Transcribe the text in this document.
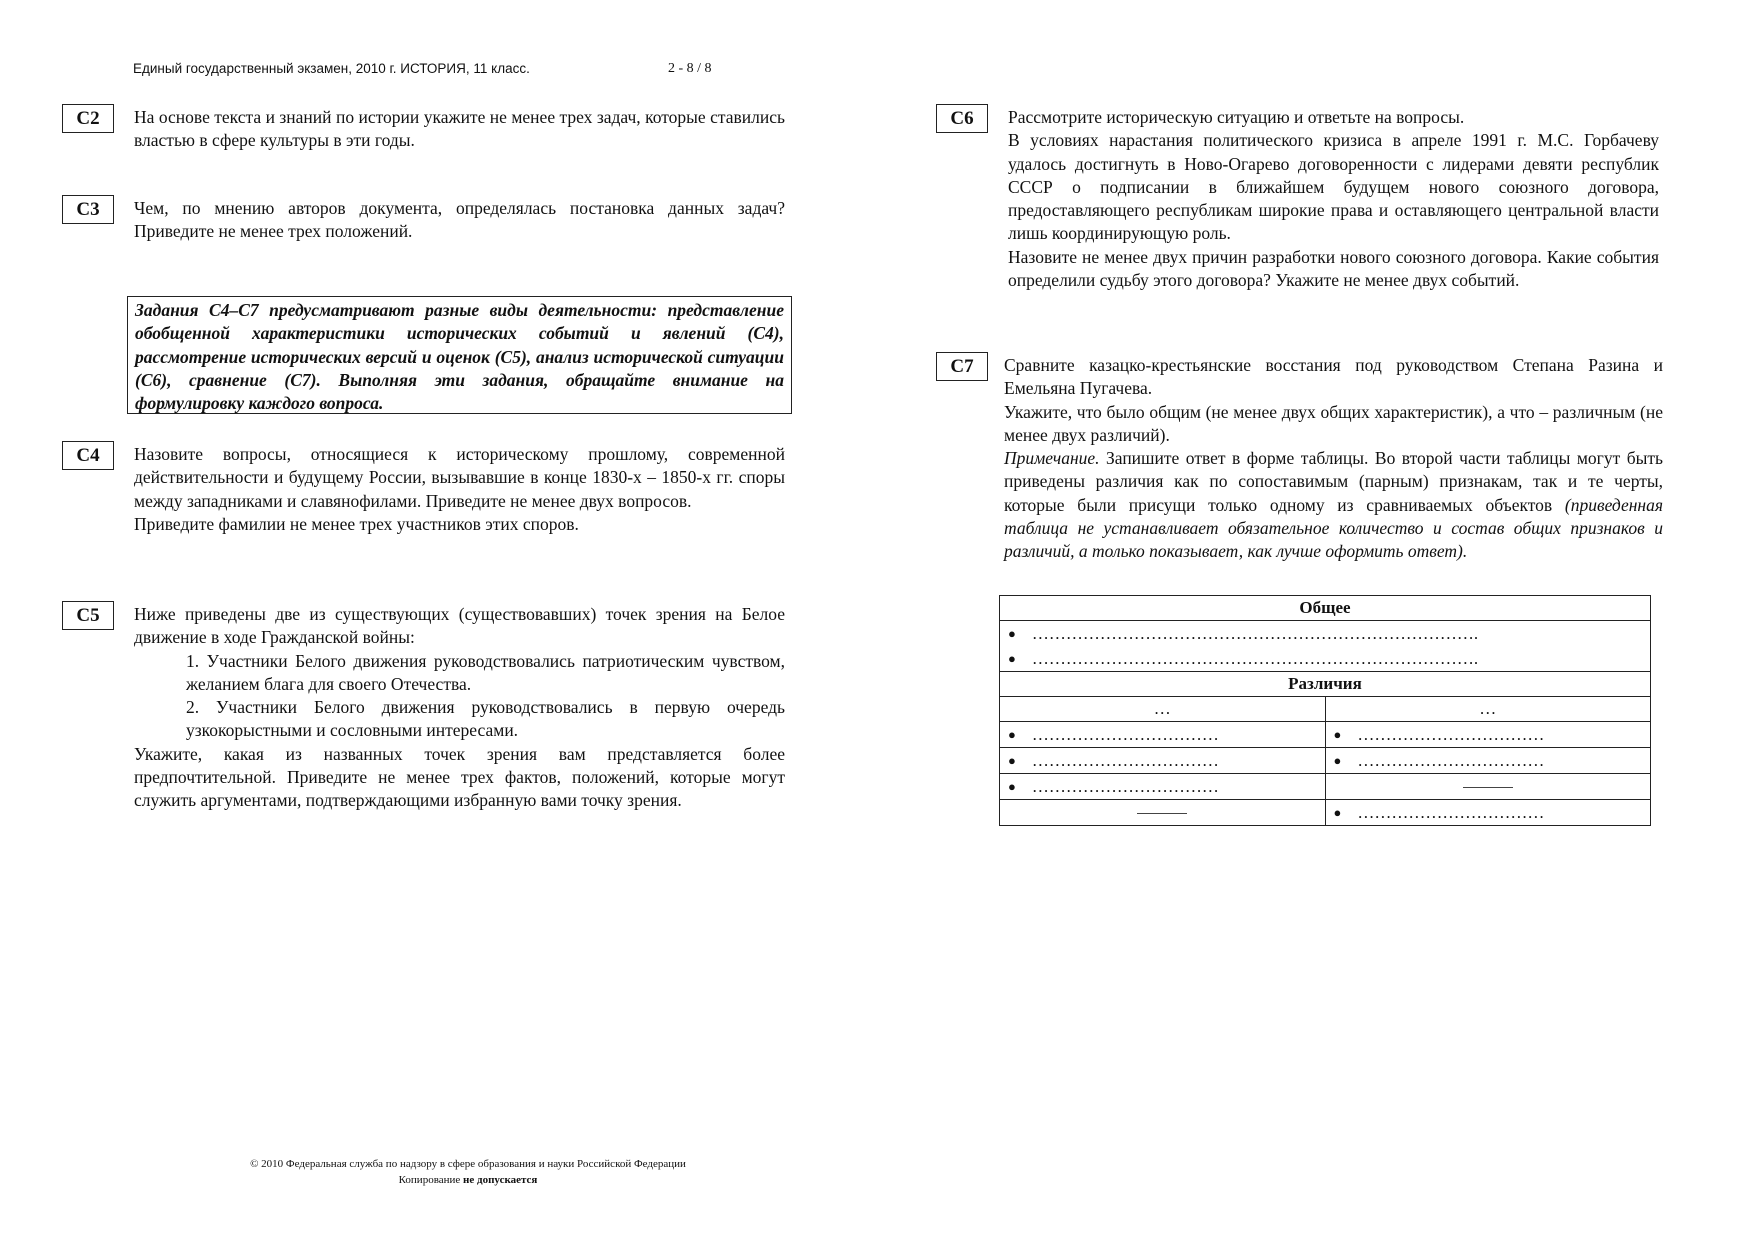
Единый государственный экзамен, 2010 г. ИСТОРИЯ, 11 класс.	2 - 8 / 8
С2	На основе текста и знаний по истории укажите не менее трех задач, которые ставились властью в сфере культуры в эти годы.
С3	Чем, по мнению авторов документа, определялась постановка данных задач? Приведите не менее трех положений.
Задания С4–С7 предусматривают разные виды деятельности: представление обобщенной характеристики исторических событий и явлений (С4), рассмотрение исторических версий и оценок (С5), анализ исторической ситуации (С6), сравнение (С7). Выполняя эти задания, обращайте внимание на формулировку каждого вопроса.
С4	Назовите вопросы, относящиеся к историческому прошлому, современной действительности и будущему России, вызывавшие в конце 1830-х – 1850-х гг. споры между западниками и славянофилами. Приведите не менее двух вопросов.

Приведите фамилии не менее трех участников этих споров.

С5	Ниже приведены две из существующих (существовавших) точек зрения на Белое движение в ходе Гражданской войны:

1. Участники Белого движения руководствовались патриотическим чувством, желанием блага для своего Отечества.

2. Участники Белого движения руководствовались в первую очередь узкокорыстными и сословными интересами.

Укажите, какая из названных точек зрения вам представляется более предпочтительной. Приведите не менее трех фактов, положений, которые могут служить аргументами, подтверждающими избранную вами точку зрения.

С6	Рассмотрите историческую ситуацию и ответьте на вопросы.

В условиях нарастания политического кризиса в апреле 1991 г. М.С. Горбачеву удалось достигнуть в Ново-Огарево договоренности с лидерами девяти республик СССР о подписании в ближайшем будущем нового союзного договора, предоставляющего республикам широкие права и оставляющего центральной власти лишь координирующую роль.

Назовите не менее двух причин разработки нового союзного договора. Какие события определили судьбу этого договора? Укажите не менее двух событий.

С7	Сравните казацко-крестьянские восстания под руководством Степана Разина и Емельяна Пугачева.

Укажите, что было общим (не менее двух общих характеристик), а что – различным (не менее двух различий).

Примечание. Запишите ответ в форме таблицы. Во второй части таблицы могут быть приведены различия как по сопоставимым (парным) признакам, так и те черты, которые были присущи только одному из сравниваемых объектов (приведенная таблица не устанавливает обязательное количество и состав общих признаков и различий, а только показывает, как лучше оформить ответ).

Общее	

● …………………………………………………………………….	

● …………………………………………………………………….	

Различия	
…	…

● ……………………………	● ……………………………

● ……………………………	● ……………………………

● ……………………………	

	● ……………………………
© 2010 Федеральная служба по надзору в сфере образования и науки Российской Федерации
Копирование не допускается
